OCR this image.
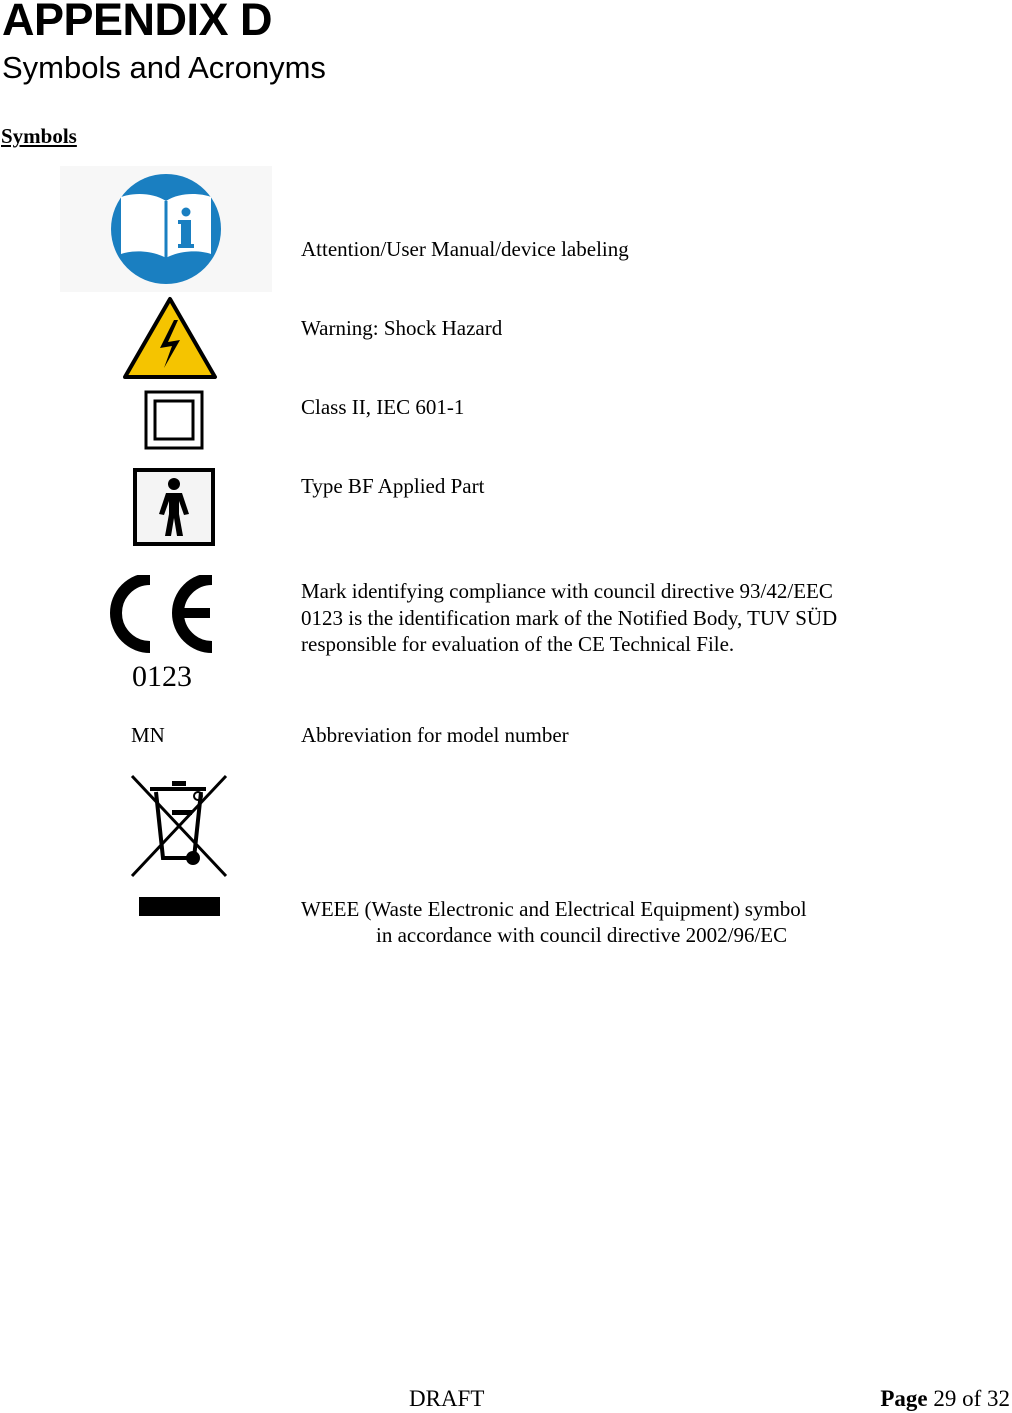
APPENDIX D
Symbols and Acronyms
Symbols
Attention/User Manual/device labeling
Warning: Shock Hazard
Class II, IEC 601-1
Type BF Applied Part
0123
Mark identifying compliance with council directive 93/42/EEC
0123 is the identification mark of the Notified Body, TUV SÜD
responsible for evaluation of the CE Technical File.
MN	Abbreviation for model number
WEEE (Waste Electronic and Electrical Equipment) symbol
in accordance with council directive 2002/96/EC
DRAFT	Page 29 of 32
